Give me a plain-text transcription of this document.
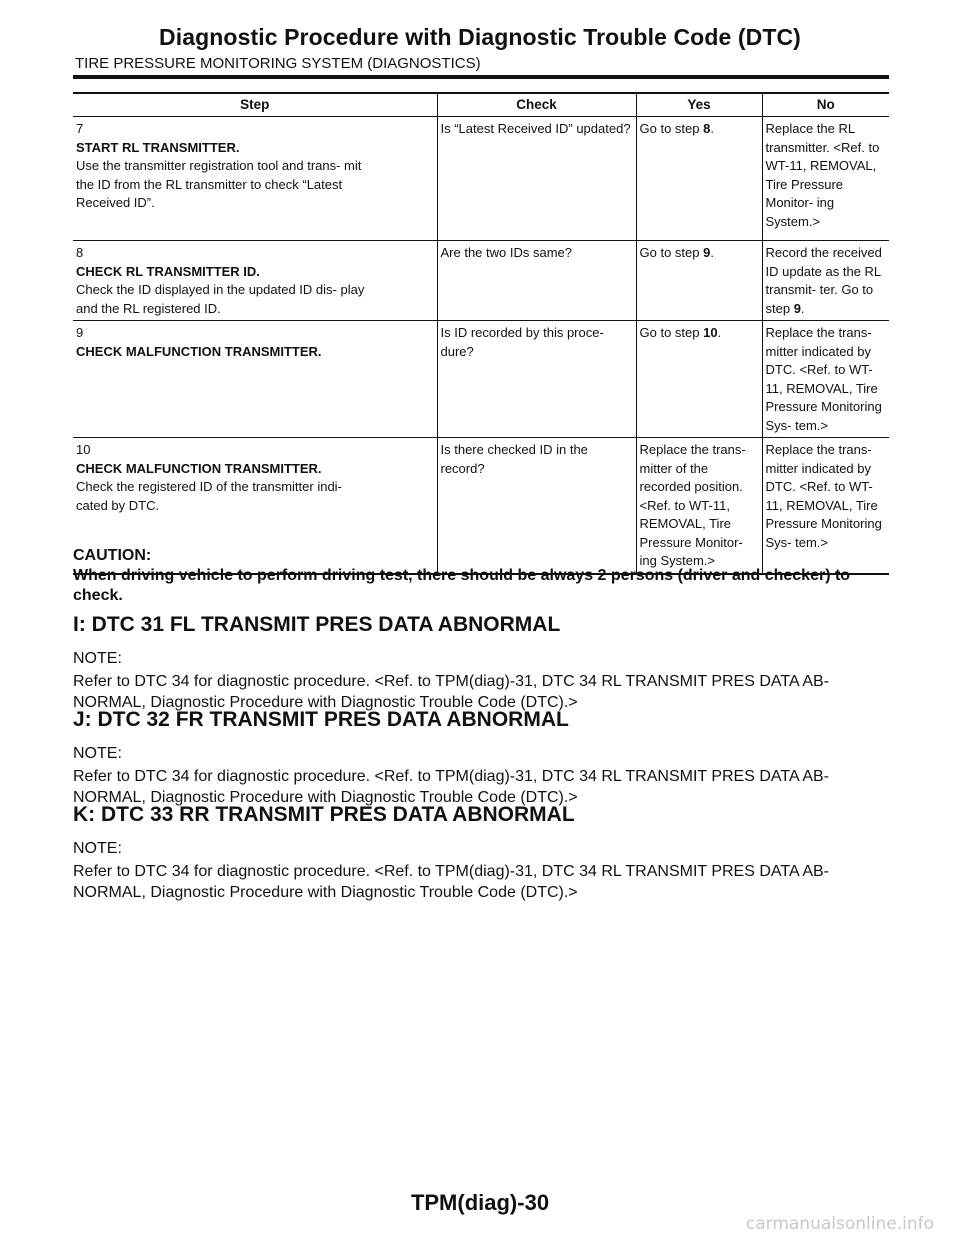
Diagnostic Procedure with Diagnostic Trouble Code (DTC)
TIRE PRESSURE MONITORING SYSTEM (DIAGNOSTICS)
Step	Check	Yes	No
7
START RL TRANSMITTER.
Use the transmitter registration tool and trans- mit the ID from the RL transmitter to check “Latest Received ID”.	Is “Latest Received ID” updated?	Go to step 8.	Replace the RL transmitter. <Ref. to WT-11, REMOVAL, Tire Pressure Monitor- ing System.>
8
CHECK RL TRANSMITTER ID.
Check the ID displayed in the updated ID dis- play and the RL registered ID.	Are the two IDs same?	Go to step 9.	Record the received ID update as the RL transmit- ter. Go to step 9.
9
CHECK MALFUNCTION TRANSMITTER.	Is ID recorded by this proce- dure?	Go to step 10.	Replace the trans- mitter indicated by DTC. <Ref. to WT- 11, REMOVAL, Tire Pressure Monitoring Sys- tem.>
10
CHECK MALFUNCTION TRANSMITTER.
Check the registered ID of the transmitter indi- cated by DTC.	Is there checked ID in the record?	Replace the trans- mitter of the recorded position. <Ref. to WT-11, REMOVAL, Tire Pressure Monitor- ing System.>	Replace the trans- mitter indicated by DTC. <Ref. to WT- 11, REMOVAL, Tire Pressure Monitoring Sys- tem.>
CAUTION:
When driving vehicle to perform driving test, there should be always 2 persons (driver and checker) to check.
I: DTC 31 FL TRANSMIT PRES DATA ABNORMAL
NOTE:
Refer to DTC 34 for diagnostic procedure. <Ref. to TPM(diag)-31, DTC 34 RL TRANSMIT PRES DATA AB- NORMAL, Diagnostic Procedure with Diagnostic Trouble Code (DTC).>
J: DTC 32 FR TRANSMIT PRES DATA ABNORMAL
NOTE:
Refer to DTC 34 for diagnostic procedure. <Ref. to TPM(diag)-31, DTC 34 RL TRANSMIT PRES DATA AB- NORMAL, Diagnostic Procedure with Diagnostic Trouble Code (DTC).>
K: DTC 33 RR TRANSMIT PRES DATA ABNORMAL
NOTE:
Refer to DTC 34 for diagnostic procedure. <Ref. to TPM(diag)-31, DTC 34 RL TRANSMIT PRES DATA AB- NORMAL, Diagnostic Procedure with Diagnostic Trouble Code (DTC).>
TPM(diag)-30
carmanualsonline.info
